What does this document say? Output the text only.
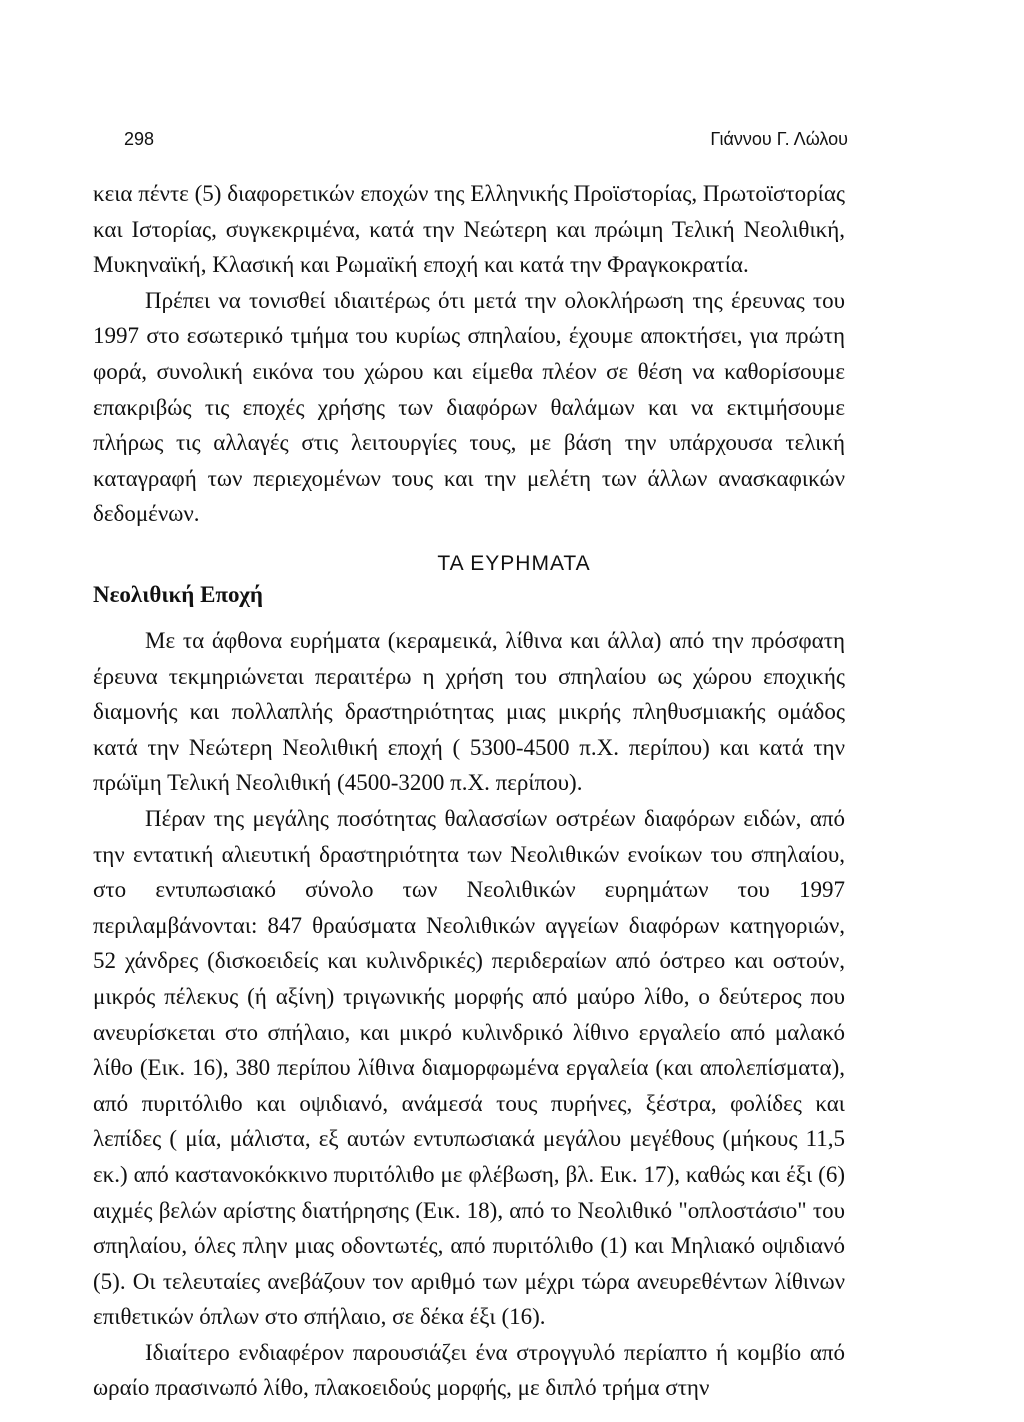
298	Γιάννου Γ. Λώλου

κεια πέντε (5) διαφορετικών εποχών της Ελληνικής Προϊστορίας, Πρωτοϊστορίας και Ιστορίας, συγκεκριμένα, κατά την Νεώτερη και πρώιμη Τελική Νεολιθική, Μυκηναϊκή, Κλασική και Ρωμαϊκή εποχή και κατά την Φραγκοκρατία.

Πρέπει να τονισθεί ιδιαιτέρως ότι μετά την ολοκλήρωση της έρευνας του 1997 στο εσωτερικό τμήμα του κυρίως σπηλαίου, έχουμε αποκτήσει, για πρώτη φορά, συνολική εικόνα του χώρου και είμεθα πλέον σε θέση να καθορίσουμε επακριβώς τις εποχές χρήσης των διαφόρων θαλάμων και να εκτιμήσουμε πλήρως τις αλλαγές στις λειτουργίες τους, με βάση την υπάρχουσα τελική καταγραφή των περιεχομένων τους και την μελέτη των άλλων ανασκαφικών δεδομένων.

ΤΑ ΕΥΡΗΜΑΤΑ
Νεολιθική Εποχή

Με τα άφθονα ευρήματα (κεραμεικά, λίθινα και άλλα) από την πρόσφατη έρευνα τεκμηριώνεται περαιτέρω η χρήση του σπηλαίου ως χώρου εποχικής διαμονής και πολλαπλής δραστηριότητας μιας μικρής πληθυσμιακής ομάδος κατά την Νεώτερη Νεολιθική εποχή ( 5300-4500 π.Χ. περίπου) και κατά την πρώϊμη Τελική Νεολιθική (4500-3200 π.Χ. περίπου).

Πέραν της μεγάλης ποσότητας θαλασσίων οστρέων διαφόρων ειδών, από την εντατική αλιευτική δραστηριότητα των Νεολιθικών ενοίκων του σπηλαίου, στο εντυπωσιακό σύνολο των Νεολιθικών ευρημάτων του 1997 περιλαμβάνονται: 847 θραύσματα Νεολιθικών αγγείων διαφόρων κατηγοριών, 52 χάνδρες (δισκοειδείς και κυλινδρικές) περιδεραίων από όστρεο και οστούν, μικρός πέλεκυς (ή αξίνη) τριγωνικής μορφής από μαύρο λίθο, ο δεύτερος που ανευρίσκεται στο σπήλαιο, και μικρό κυλινδρικό λίθινο εργαλείο από μαλακό λίθο (Εικ. 16), 380 περίπου λίθινα διαμορφωμένα εργαλεία (και απολεπίσματα), από πυριτόλιθο και οψιδιανό, ανάμεσά τους πυρήνες, ξέστρα, φολίδες και λεπίδες ( μία, μάλιστα, εξ αυτών εντυπωσιακά μεγάλου μεγέθους (μήκους 11,5 εκ.) από καστανοκόκκινο πυριτόλιθο με φλέβωση, βλ. Εικ. 17), καθώς και έξι (6) αιχμές βελών αρίστης διατήρησης (Εικ. 18), από το Νεολιθικό "οπλοστάσιο" του σπηλαίου, όλες πλην μιας οδοντωτές, από πυριτόλιθο (1) και Μηλιακό οψιδιανό (5). Οι τελευταίες ανεβάζουν τον αριθμό των μέχρι τώρα ανευρεθέντων λίθινων επιθετικών όπλων στο σπήλαιο, σε δέκα έξι (16).

Ιδιαίτερο ενδιαφέρον παρουσιάζει ένα στρογγυλό περίαπτο ή κομβίο από ωραίο πρασινωπό λίθο, πλακοειδούς μορφής, με διπλό τρήμα στην
